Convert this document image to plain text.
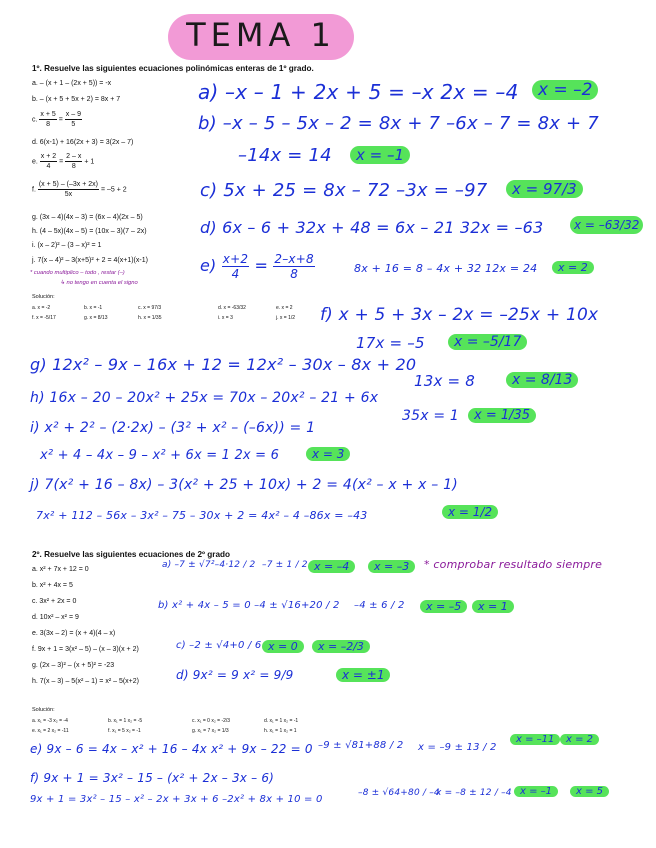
TEMA 1
1º. Resuelve las siguientes ecuaciones polinómicas enteras de 1º grado.
a. – (x + 1 – (2x + 5)) = -x
b. – (x + 5 + 5x + 2) = 8x + 7
c. $\frac{x + 5}{8} = \frac{x - 9}{5}$
d. 6(x-1) + 16(2x + 3) = 3(2x – 7)
e. $\frac{x + 2}{4} = \frac{2 - x}{8} + 1$
f. $\frac{(x + 5) - (-3x + 2x)}{5x} = -5 + 2$
g. (3x – 4)(4x – 3) = (6x – 4)(2x – 5)
h. (4 – 5x)(4x – 5) = (10x – 3)(7 – 2x)
i. (x – 2)² – (3 – x)² = 1
j. 7(x – 4)² – 3(x+5)² + 2 = 4(x+1)(x-1)
* cuando multiplico – todo , restar (–)
↳ no tengo en cuenta el signo
Solución:
a. x = -2	b. x = -1	c. x = 97/3	d. x = -63/32	e. x = 2
f. x = -5/17	g. x = 8/13	h. x = 1/35	i. x = 3	j. x = 1/2
a) –x – 1 + 2x + 5 = –x 2x = –4	x = –2
b) –x – 5 – 5x – 2 = 8x + 7 –6x – 7 = 8x + 7
–14x = 14	x = –1
c) 5x + 25 = 8x – 72 –3x = –97	x = 97/3
d) 6x – 6 + 32x + 48 = 6x – 21 32x = –63	x = –63/32
$e) \frac{x+2}{4} = \frac{2-x+8}{8}$	8x + 16 = 8 – 4x + 32 12x = 24	x = 2
f) x + 5 + 3x – 2x = –25x + 10x
17x = –5	x = –5/17
g) 12x² – 9x – 16x + 12 = 12x² – 30x – 8x + 20
13x = 8	x = 8/13
h) 16x – 20 – 20x² + 25x = 70x – 20x² – 21 + 6x
35x = 1	x = 1/35
i) x² + 2² – (2·2x) – (3² + x² – (–6x)) = 1
x² + 4 – 4x – 9 – x² + 6x = 1 2x = 6	x = 3
j) 7(x² + 16 – 8x) – 3(x² + 25 + 10x) + 2 = 4(x² – x + x – 1)
7x² + 112 – 56x – 3x² – 75 – 30x + 2 = 4x² – 4 –86x = –43	x = 1/2
2º. Resuelve las siguientes ecuaciones de 2º grado
a. x² + 7x + 12 = 0
b. x² + 4x = 5
c. 3x² + 2x = 0
d. 10x² – x² = 9
e. 3(3x – 2) = (x + 4)(4 – x)
f. 9x + 1 = 3(x² – 5) – (x – 3)(x + 2)
g. (2x – 3)² – (x + 5)² = -23
h. 7(x – 3) – 5(x² – 1) = x² – 5(x+2)
Solución:
a. x₁ = -3 x₂ = -4	b. x₁ = 1 x₂ = -5	c. x₁ = 0 x₂ = -2/3	d. x₁ = 1 x₂ = -1
e. x₁ = 2 x₂ = -11	f. x₁ = 5 x₂ = -1	g. x₁ = 7 x₂ = 1/3	h. x₁ = 1 x₂ = 1
a) –7 ± √7²–4·12 / 2 –7 ± 1 / 2 x = –4	x = –3	* comprobar resultado siempre
b) x² + 4x – 5 = 0 –4 ± √16+20 / 2 –4 ± 6 / 2	x = –5	x = 1
c) –2 ± √4+0 / 6 x = 0	x = –2/3
d) 9x² = 9 x² = 9/9	x = ±1
e) 9x – 6 = 4x – x² + 16 – 4x x² + 9x – 22 = 0 –9 ± √81+88 / 2 x = –9 ± 13 / 2
x = –11	x = 2
f) 9x + 1 = 3x² – 15 – (x² + 2x – 3x – 6)
9x + 1 = 3x² – 15 – x² – 2x + 3x + 6 –2x² + 8x + 10 = 0
–8 ± √64+80 / –4
x = –8 ± 12 / –4 x = –1	x = 5
